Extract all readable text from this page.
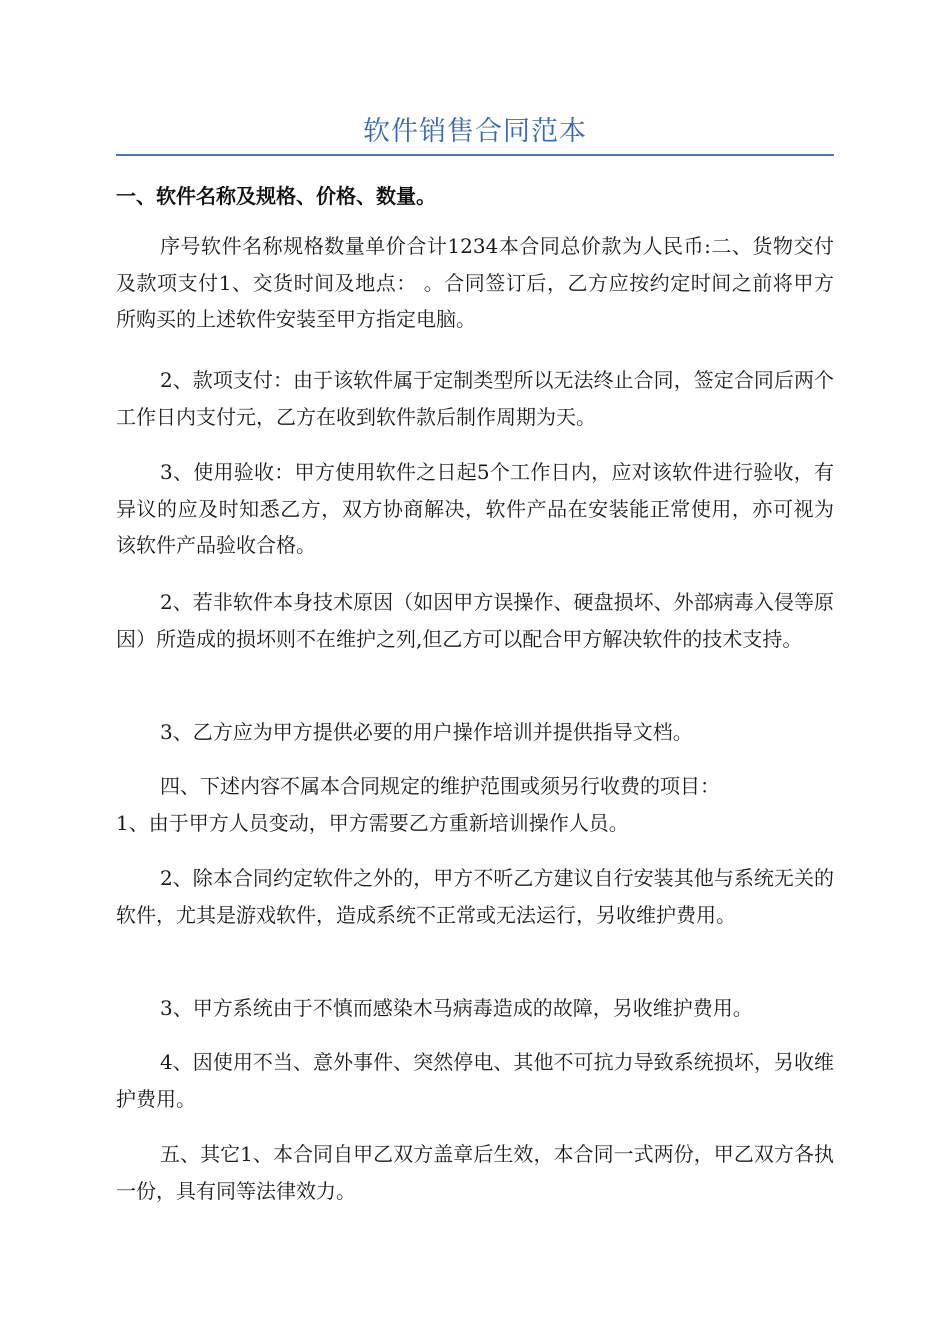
软件销售合同范本
一、软件名称及规格、价格、数量。

序号软件名称规格数量单价合计1234本合同总价款为人民币:二、货物交付及款项支付1、交货时间及地点： 。合同签订后，乙方应按约定时间之前将甲方所购买的上述软件安装至甲方指定电脑。

2、款项支付：由于该软件属于定制类型所以无法终止合同，签定合同后两个工作日内支付元，乙方在收到软件款后制作周期为天。

3、使用验收：甲方使用软件之日起5个工作日内，应对该软件进行验收，有异议的应及时知悉乙方，双方协商解决，软件产品在安装能正常使用，亦可视为该软件产品验收合格。

2、若非软件本身技术原因（如因甲方误操作、硬盘损坏、外部病毒入侵等原因）所造成的损坏则不在维护之列,但乙方可以配合甲方解决软件的技术支持。

3、乙方应为甲方提供必要的用户操作培训并提供指导文档。

四、下述内容不属本合同规定的维护范围或须另行收费的项目：
1、由于甲方人员变动，甲方需要乙方重新培训操作人员。

2、除本合同约定软件之外的，甲方不听乙方建议自行安装其他与系统无关的软件，尤其是游戏软件，造成系统不正常或无法运行，另收维护费用。

3、甲方系统由于不慎而感染木马病毒造成的故障，另收维护费用。

4、因使用不当、意外事件、突然停电、其他不可抗力导致系统损坏，另收维护费用。

五、其它1、本合同自甲乙双方盖章后生效，本合同一式两份，甲乙双方各执一份，具有同等法律效力。
